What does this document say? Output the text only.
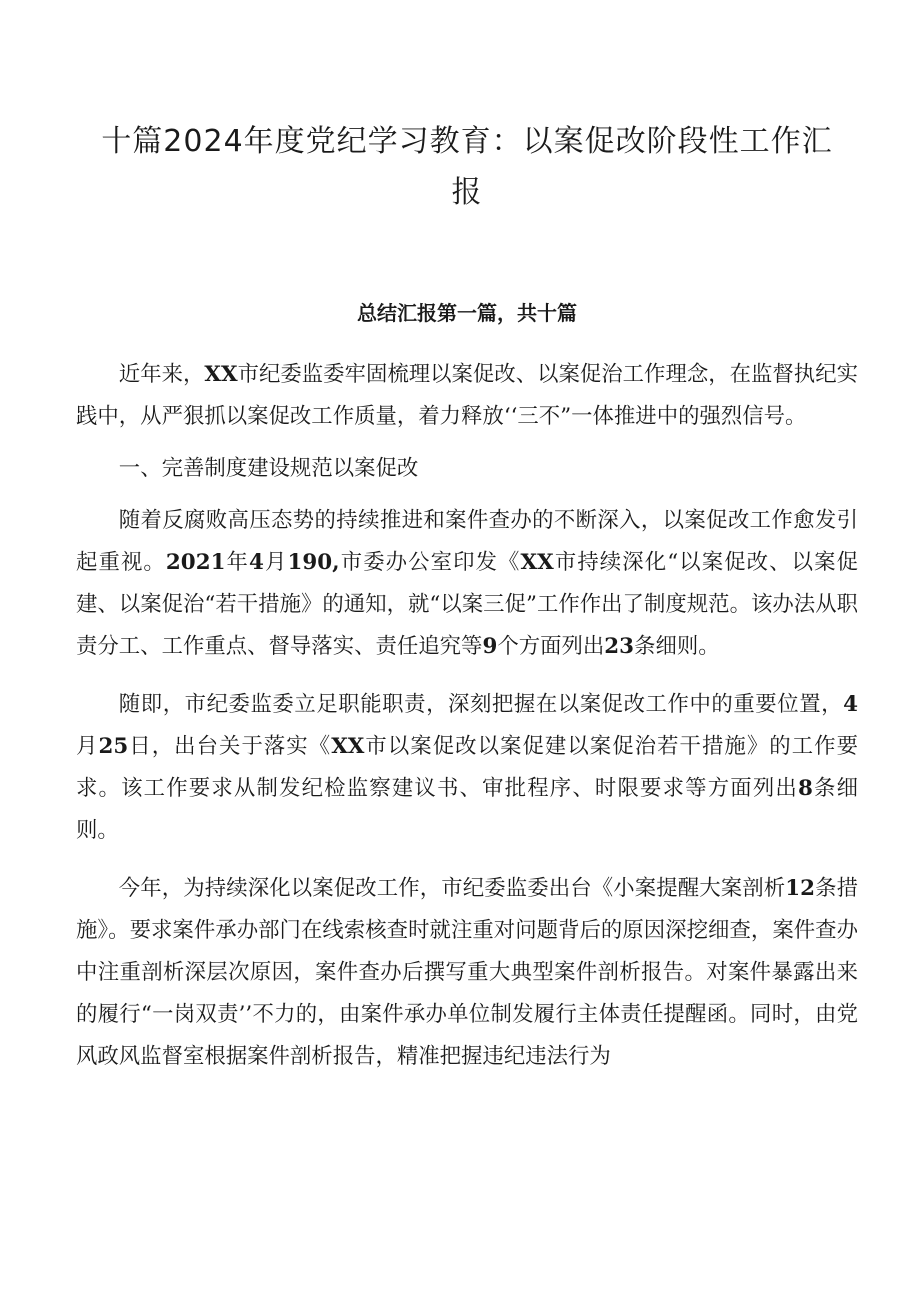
十篇2024年度党纪学习教育：以案促改阶段性工作汇报
总结汇报第一篇，共十篇

近年来，XX市纪委监委牢固梳理以案促改、以案促治工作理念，在监督执纪实践中，从严狠抓以案促改工作质量，着力释放‘‘三不”一体推进中的强烈信号。

一、完善制度建设规范以案促改

随着反腐败高压态势的持续推进和案件查办的不断深入，以案促改工作愈发引起重视。2021年4月190,市委办公室印发《XX市持续深化“以案促改、以案促建、以案促治“若干措施》的通知，就“以案三促”工作作出了制度规范。该办法从职责分工、工作重点、督导落实、责任追究等9个方面列出23条细则。

随即，市纪委监委立足职能职责，深刻把握在以案促改工作中的重要位置，4月25日，出台关于落实《XX市以案促改以案促建以案促治若干措施》的工作要求。该工作要求从制发纪检监察建议书、审批程序、时限要求等方面列出8条细则。

今年，为持续深化以案促改工作，市纪委监委出台《小案提醒大案剖析12条措施》。要求案件承办部门在线索核查时就注重对问题背后的原因深挖细查，案件查办中注重剖析深层次原因，案件查办后撰写重大典型案件剖析报告。对案件暴露出来的履行“一岗双责’’不力的，由案件承办单位制发履行主体责任提醒函。同时，由党风政风监督室根据案件剖析报告，精准把握违纪违法行为
